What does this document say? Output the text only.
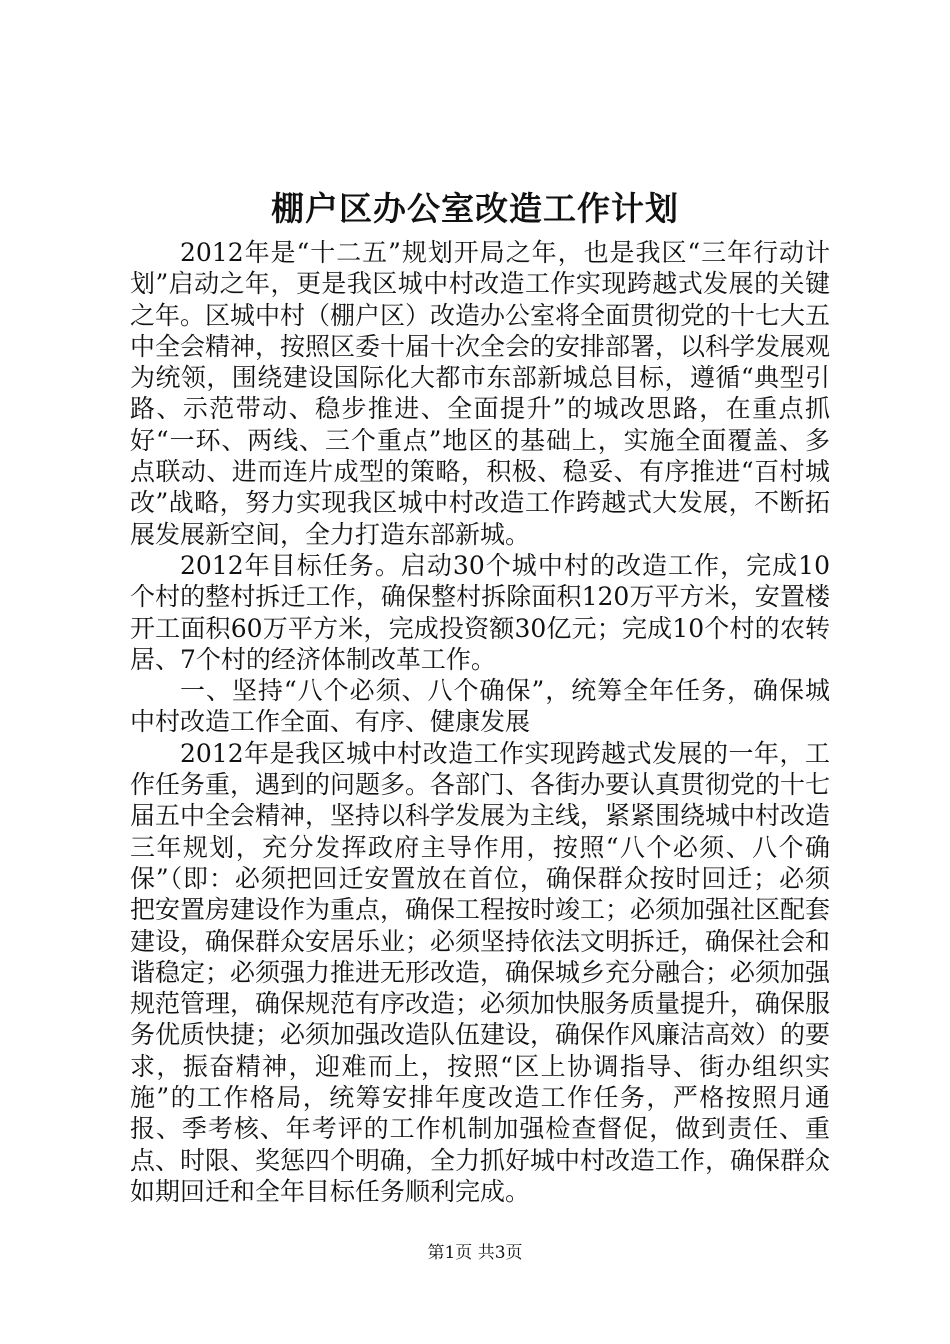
棚户区办公室改造工作计划

2012年是“十二五”规划开局之年，也是我区“三年行动计划”启动之年，更是我区城中村改造工作实现跨越式发展的关键之年。区城中村（棚户区）改造办公室将全面贯彻党的十七大五中全会精神，按照区委十届十次全会的安排部署，以科学发展观为统领，围绕建设国际化大都市东部新城总目标，遵循“典型引路、示范带动、稳步推进、全面提升”的城改思路，在重点抓好“一环、两线、三个重点”地区的基础上，实施全面覆盖、多点联动、进而连片成型的策略，积极、稳妥、有序推进“百村城改”战略，努力实现我区城中村改造工作跨越式大发展，不断拓展发展新空间，全力打造东部新城。

2012年目标任务。启动30个城中村的改造工作，完成10个村的整村拆迁工作，确保整村拆除面积120万平方米，安置楼开工面积60万平方米，完成投资额30亿元；完成10个村的农转居、7个村的经济体制改革工作。

一、坚持“八个必须、八个确保”，统筹全年任务，确保城中村改造工作全面、有序、健康发展

2012年是我区城中村改造工作实现跨越式发展的一年，工作任务重，遇到的问题多。各部门、各街办要认真贯彻党的十七届五中全会精神，坚持以科学发展为主线，紧紧围绕城中村改造三年规划，充分发挥政府主导作用，按照“八个必须、八个确保”（即：必须把回迁安置放在首位，确保群众按时回迁；必须把安置房建设作为重点，确保工程按时竣工；必须加强社区配套建设，确保群众安居乐业；必须坚持依法文明拆迁，确保社会和谐稳定；必须强力推进无形改造，确保城乡充分融合；必须加强规范管理，确保规范有序改造；必须加快服务质量提升，确保服务优质快捷；必须加强改造队伍建设，确保作风廉洁高效）的要求，振奋精神，迎难而上，按照“区上协调指导、街办组织实施”的工作格局，统筹安排年度改造工作任务，严格按照月通报、季考核、年考评的工作机制加强检查督促，做到责任、重点、时限、奖惩四个明确，全力抓好城中村改造工作，确保群众如期回迁和全年目标任务顺利完成。

第1页 共3页
